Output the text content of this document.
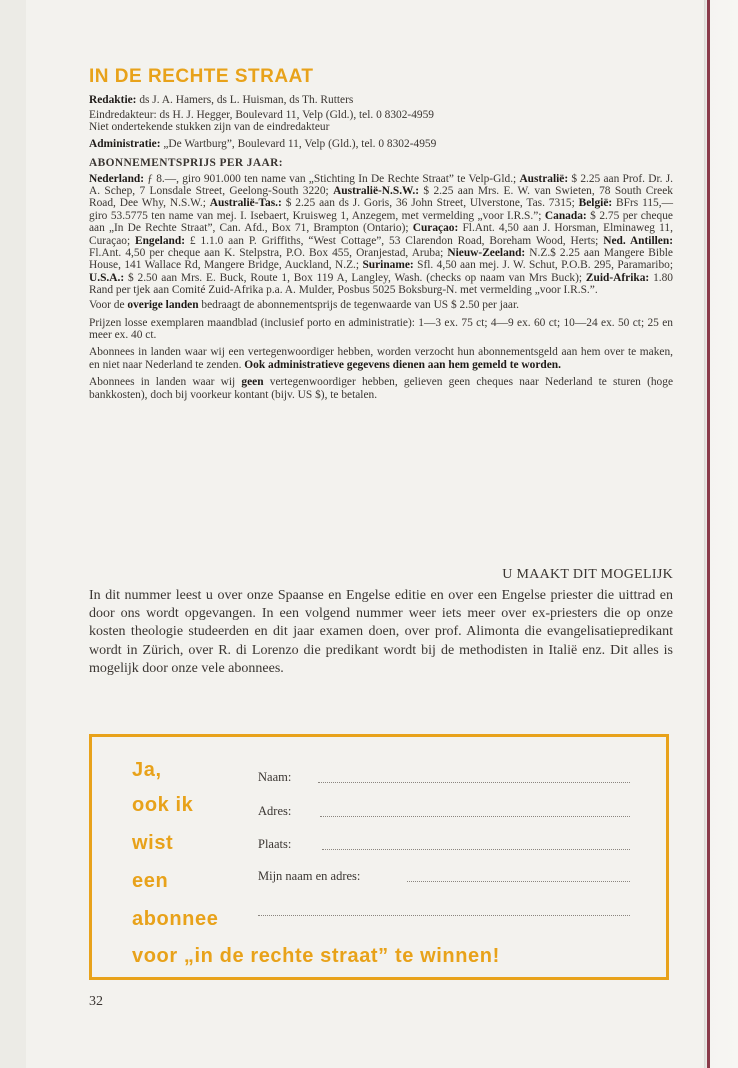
IN DE RECHTE STRAAT

Redaktie: ds J. A. Hamers, ds L. Huisman, ds Th. Rutters

Eindredakteur: ds H. J. Hegger, Boulevard 11, Velp (Gld.), tel. 0 8302-4959

Niet ondertekende stukken zijn van de eindredakteur

Administratie: „De Wartburg”, Boulevard 11, Velp (Gld.), tel. 0 8302-4959

ABONNEMENTSPRIJS PER JAAR:

Nederland: ƒ 8.—, giro 901.000 ten name van „Stichting In De Rechte Straat” te Velp-Gld.; Australië: $ 2.25 aan Prof. Dr. J. A. Schep, 7 Lonsdale Street, Geelong-South 3220; Australië-N.S.W.: $ 2.25 aan Mrs. E. W. van Swieten, 78 South Creek Road, Dee Why, N.S.W.; Australië-Tas.: $ 2.25 aan ds J. Goris, 36 John Street, Ulverstone, Tas. 7315; België: BFrs 115,— giro 53.5775 ten name van mej. I. Isebaert, Kruisweg 1, Anzegem, met vermelding „voor I.R.S.”; Canada: $ 2.75 per cheque aan „In De Rechte Straat”, Can. Afd., Box 71, Brampton (Ontario); Curaçao: Fl.Ant. 4,50 aan J. Horsman, Elminaweg 11, Curaçao; Engeland: £ 1.1.0 aan P. Griffiths, “West Cottage”, 53 Clarendon Road, Boreham Wood, Herts; Ned. Antillen: Fl.Ant. 4,50 per cheque aan K. Stelpstra, P.O. Box 455, Oranjestad, Aruba; Nieuw-Zeeland: N.Z.$ 2.25 aan Mangere Bible House, 141 Wallace Rd, Mangere Bridge, Auckland, N.Z.; Suriname: Sfl. 4,50 aan mej. J. W. Schut, P.O.B. 295, Paramaribo; U.S.A.: $ 2.50 aan Mrs. E. Buck, Route 1, Box 119 A, Langley, Wash. (checks op naam van Mrs Buck); Zuid-Afrika: 1.80 Rand per tjek aan Comité Zuid-Afrika p.a. A. Mulder, Posbus 5025 Boksburg-N. met vermelding „voor I.R.S.”.

Voor de overige landen bedraagt de abonnementsprijs de tegenwaarde van US $ 2.50 per jaar.

Prijzen losse exemplaren maandblad (inclusief porto en administratie): 1—3 ex. 75 ct; 4—9 ex. 60 ct; 10—24 ex. 50 ct; 25 en meer ex. 40 ct.

Abonnees in landen waar wij een vertegenwoordiger hebben, worden verzocht hun abonnementsgeld aan hem over te maken, en niet naar Nederland te zenden. Ook administratieve gegevens dienen aan hem gemeld te worden.

Abonnees in landen waar wij geen vertegenwoordiger hebben, gelieven geen cheques naar Nederland te sturen (hoge bankkosten), doch bij voorkeur kontant (bijv. US $), te betalen.

U MAAKT DIT MOGELIJK

In dit nummer leest u over onze Spaanse en Engelse editie en over een Engelse priester die uittrad en door ons wordt opgevangen. In een volgend nummer weer iets meer over ex-priesters die op onze kosten theologie studeerden en dit jaar examen doen, over prof. Alimonta die evangelisatiepredikant wordt in Zürich, over R. di Lorenzo die predikant wordt bij de methodisten in Italië enz. Dit alles is mogelijk door onze vele abonnees.

Ja,
ook ik
wist
een
abonnee
voor „in de rechte straat” te winnen!
Naam:
Adres:
Plaats:
Mijn naam en adres:
32
